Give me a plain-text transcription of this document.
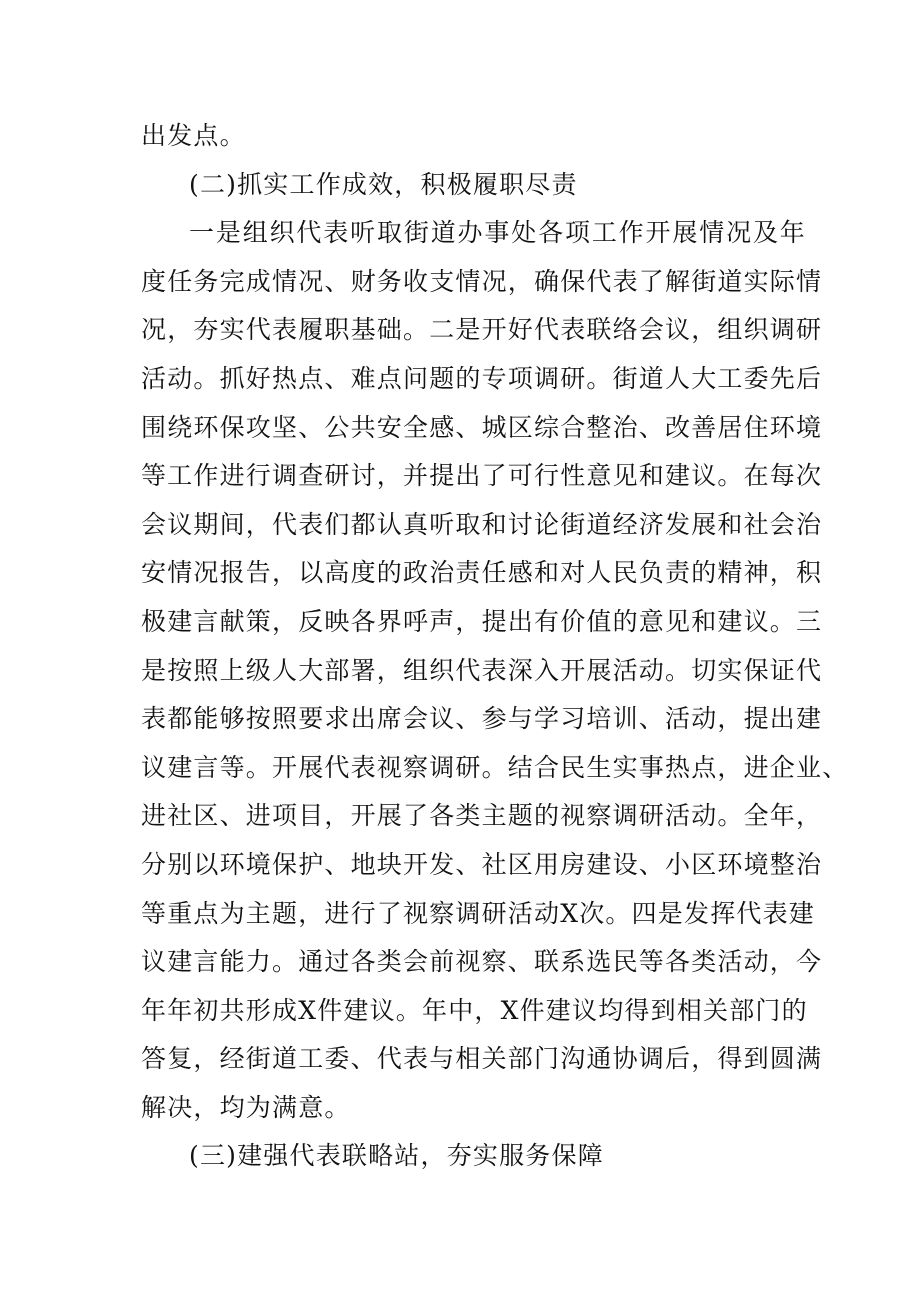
出发点。
(二)抓实工作成效，积极履职尽责
一是组织代表听取街道办事处各项工作开展情况及年
度任务完成情况、财务收支情况，确保代表了解街道实际情
况，夯实代表履职基础。二是开好代表联络会议，组织调研
活动。抓好热点、难点问题的专项调研。街道人大工委先后
围绕环保攻坚、公共安全感、城区综合整治、改善居住环境
等工作进行调查研讨，并提出了可行性意见和建议。在每次
会议期间，代表们都认真听取和讨论街道经济发展和社会治
安情况报告，以高度的政治责任感和对人民负责的精神，积
极建言献策，反映各界呼声，提出有价值的意见和建议。三
是按照上级人大部署，组织代表深入开展活动。切实保证代
表都能够按照要求出席会议、参与学习培训、活动，提出建
议建言等。开展代表视察调研。结合民生实事热点，进企业、
进社区、进项目，开展了各类主题的视察调研活动。全年，
分别以环境保护、地块开发、社区用房建设、小区环境整治
等重点为主题，进行了视察调研活动X次。四是发挥代表建
议建言能力。通过各类会前视察、联系选民等各类活动，今
年年初共形成X件建议。年中，X件建议均得到相关部门的
答复，经街道工委、代表与相关部门沟通协调后，得到圆满
解决，均为满意。
(三)建强代表联略站，夯实服务保障
